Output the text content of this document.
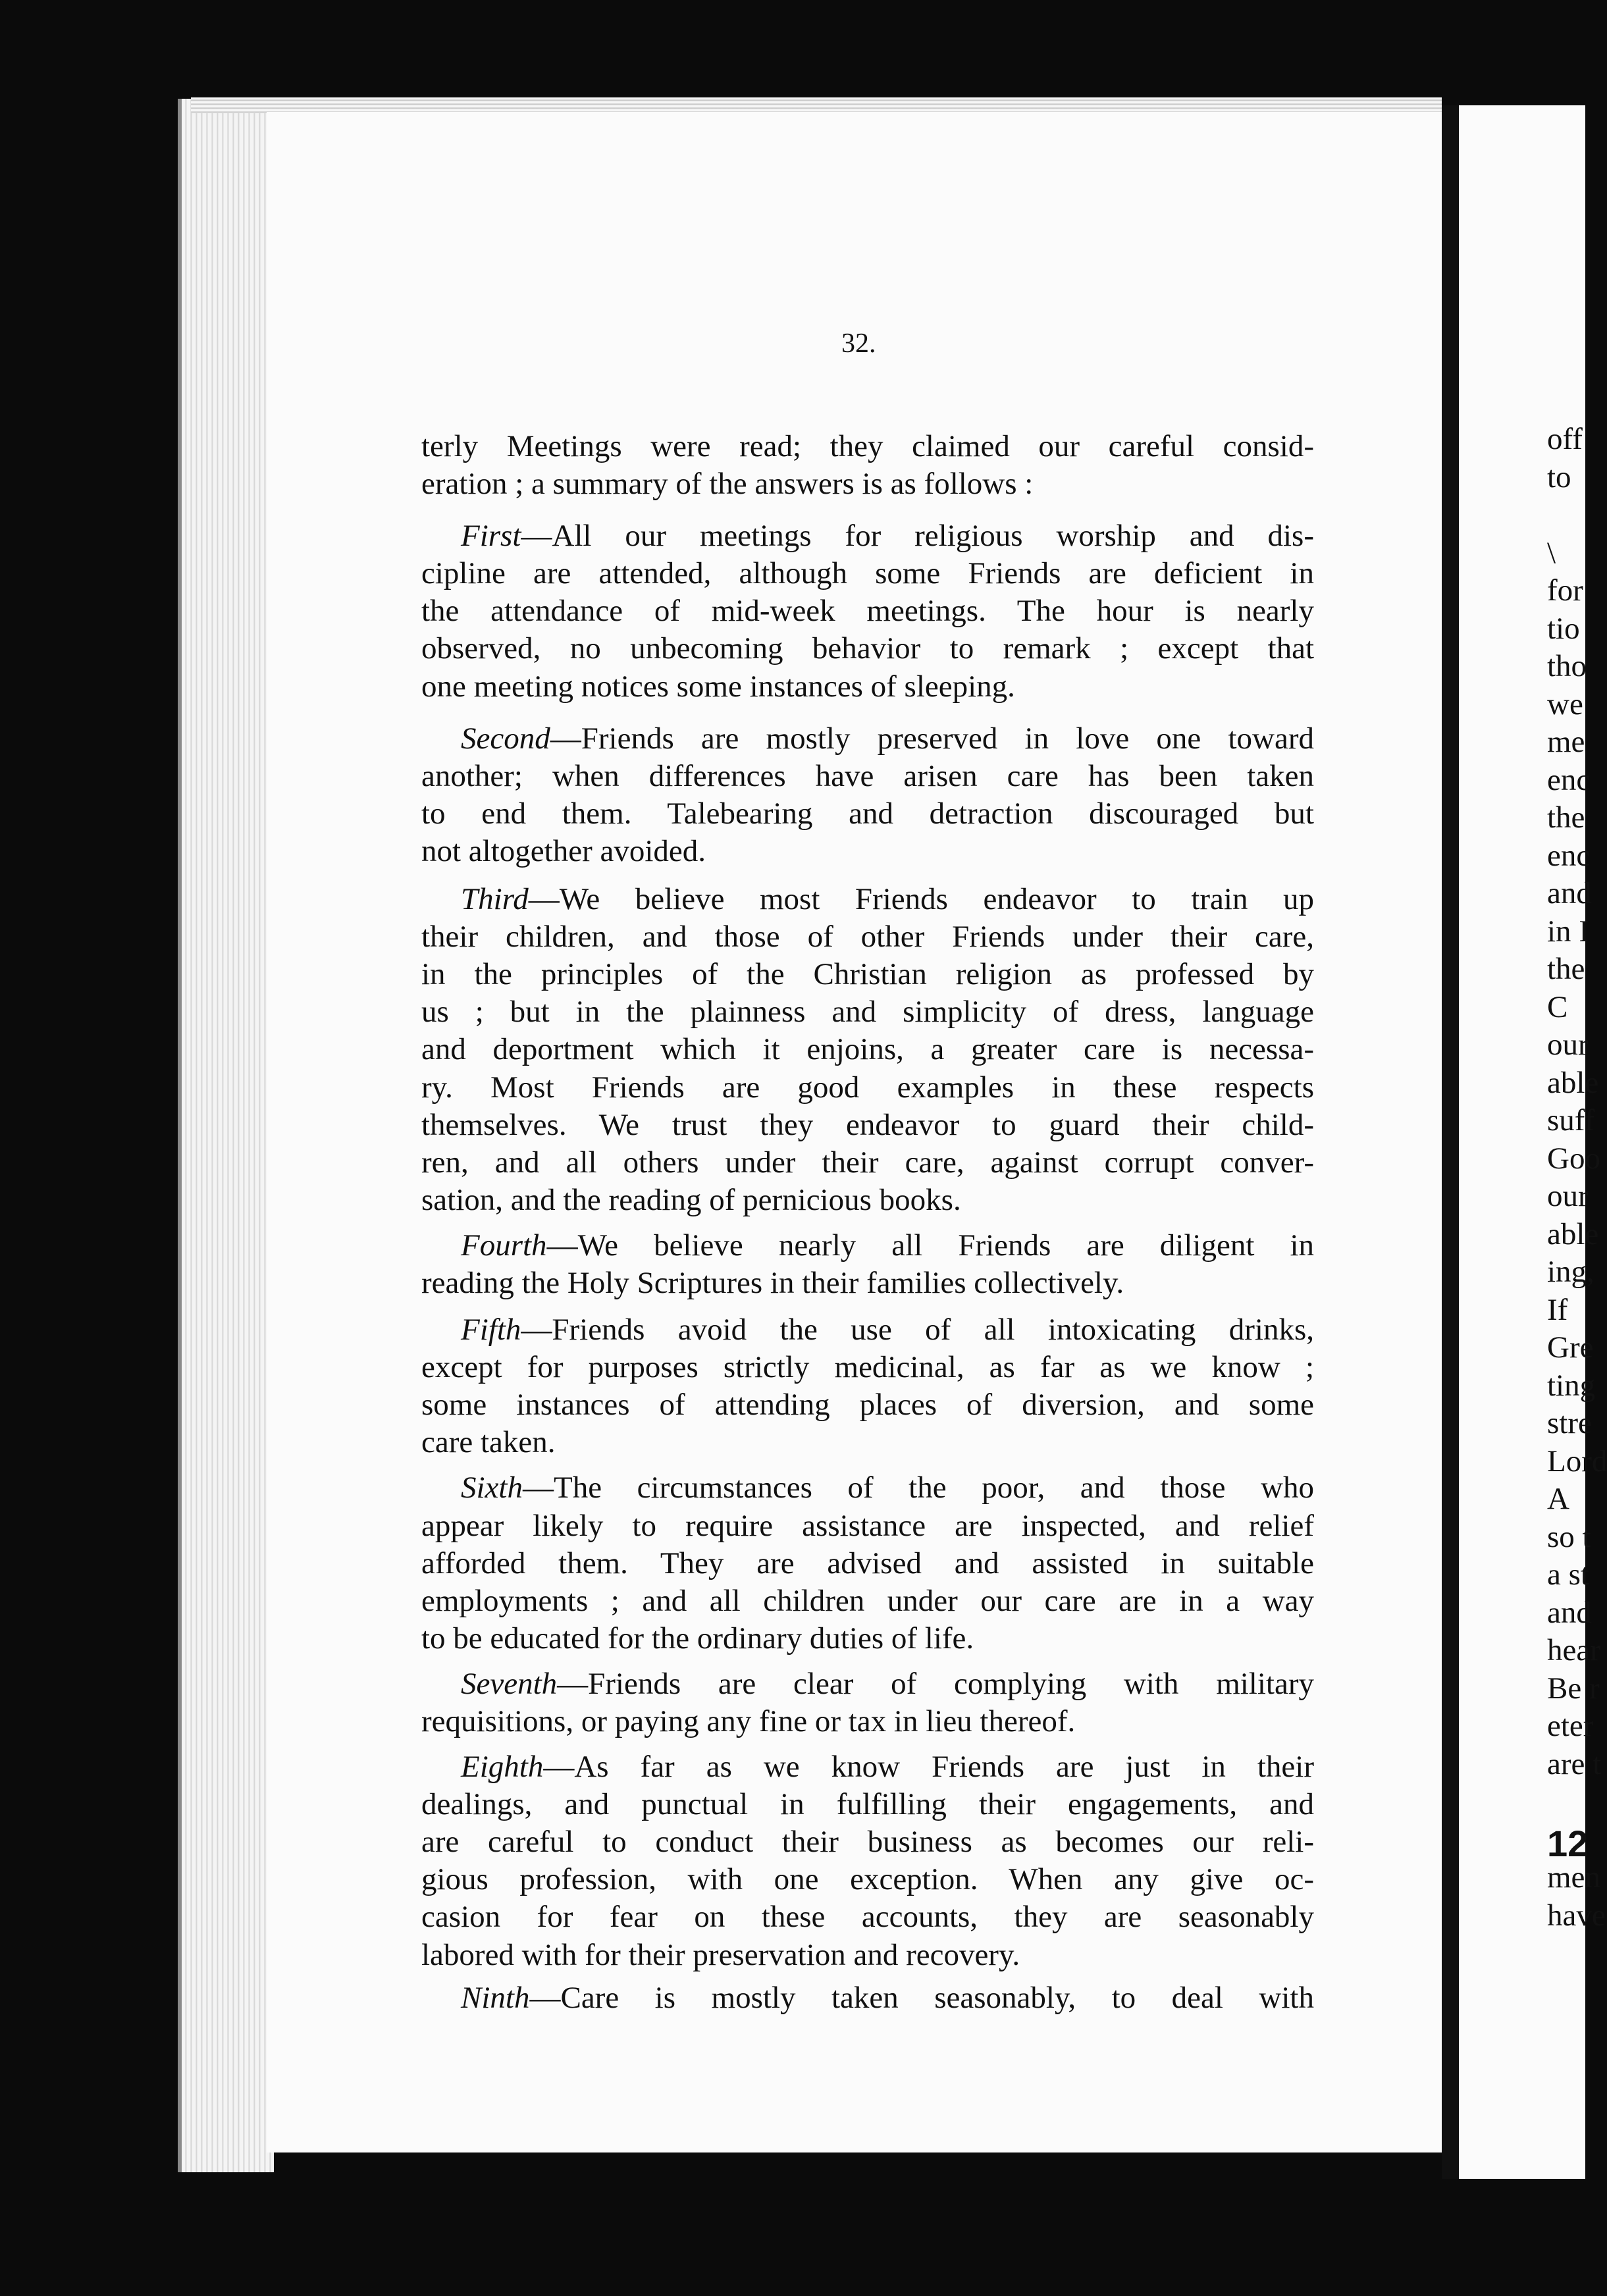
32.

terly Meetings were read; they claimed our careful consid-
eration ; a summary of the answers is as follows :
First—All our meetings for religious worship and dis-
cipline are attended, although some Friends are deficient in
the attendance of mid-week meetings. The hour is nearly
observed, no unbecoming behavior to remark ; except that
one meeting notices some instances of sleeping.
Second—Friends are mostly preserved in love one toward
another; when differences have arisen care has been taken
to end them. Talebearing and detraction discouraged but
not altogether avoided.
Third—We believe most Friends endeavor to train up
their children, and those of other Friends under their care,
in the principles of the Christian religion as professed by
us ; but in the plainness and simplicity of dress, language
and deportment which it enjoins, a greater care is necessa-
ry. Most Friends are good examples in these respects
themselves. We trust they endeavor to guard their child-
ren, and all others under their care, against corrupt conver-
sation, and the reading of pernicious books.
Fourth—We believe nearly all Friends are diligent in
reading the Holy Scriptures in their families collectively.
Fifth—Friends avoid the use of all intoxicating drinks,
except for purposes strictly medicinal, as far as we know ;
some instances of attending places of diversion, and some
care taken.
Sixth—The circumstances of the poor, and those who
appear likely to require assistance are inspected, and relief
afforded them. They are advised and assisted in suitable
employments ; and all children under our care are in a way
to be educated for the ordinary duties of life.
Seventh—Friends are clear of complying with military
requisitions, or paying any fine or tax in lieu thereof.
Eighth—As far as we know Friends are just in their
dealings, and punctual in fulfilling their engagements, and
are careful to conduct their business as becomes our reli-
gious profession, with one exception. When any give oc-
casion for fear on these accounts, they are seasonably
labored with for their preservation and recovery.
Ninth—Care is mostly taken seasonably, to deal with
off
to
\
for
tio
tho
we
me
enc
the
enc
and
in I
the
C
our
able
suff
Goo
our
able
ing,
If
Gre
ting
stre
Lord
A
so t
a st
and
hear
Be r
eter
are t
12
men
have
